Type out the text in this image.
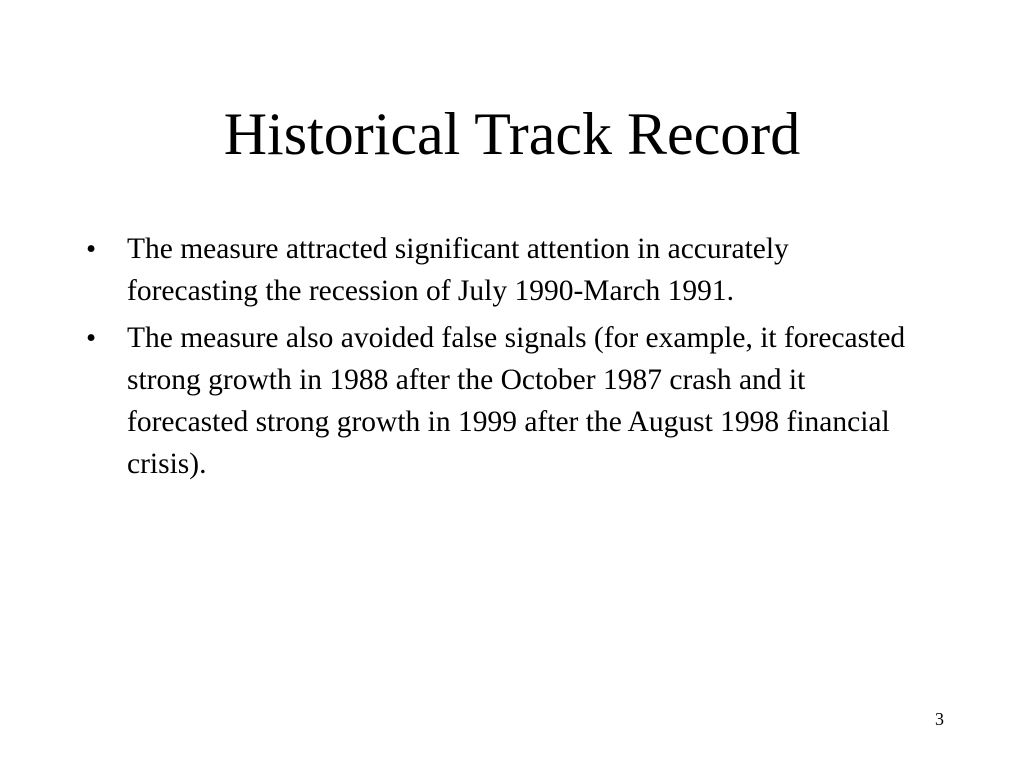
Historical Track Record
• The measure attracted significant attention in accurately forecasting the recession of July 1990-March 1991.
• The measure also avoided false signals (for example, it forecasted strong growth in 1988 after the October 1987 crash and it forecasted strong growth in 1999 after the August 1998 financial crisis).
3
